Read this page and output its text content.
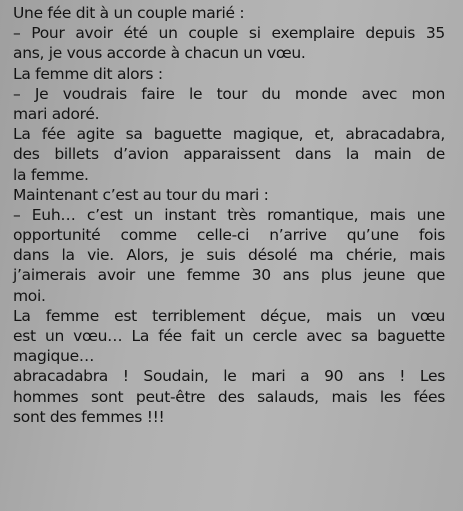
Une fée dit à un couple marié :
– Pour avoir été un couple si exemplaire depuis 35
ans, je vous accorde à chacun un vœu.
La femme dit alors :
– Je voudrais faire le tour du monde avec mon
mari adoré.
La fée agite sa baguette magique, et, abracadabra,
des billets d’avion apparaissent dans la main de
la femme.
Maintenant c’est au tour du mari :
– Euh… c’est un instant très romantique, mais une
opportunité comme celle-ci n’arrive qu’une fois
dans la vie. Alors, je suis désolé ma chérie, mais
j’aimerais avoir une femme 30 ans plus jeune que
moi.
La femme est terriblement déçue, mais un vœu
est un vœu… La fée fait un cercle avec sa baguette
magique…
abracadabra ! Soudain, le mari a 90 ans ! Les
hommes sont peut-être des salauds, mais les fées
sont des femmes !!!
